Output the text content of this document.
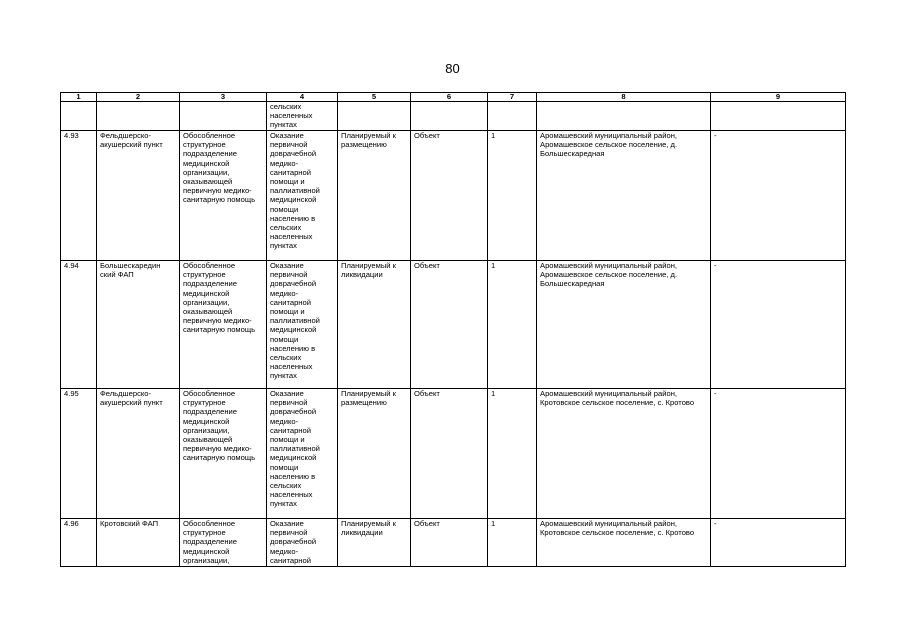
80
1	2	3	4	5	6	7	8	9
			сельских населенных пунктах					
4.93	Фельдшерско-акушерский пункт	Обособленное структурное подразделение медицинской организации, оказывающей первичную медико-санитарную помощь	Оказание первичной доврачебной медико-санитарной помощи и паллиативной медицинской помощи населению в сельских населенных пунктах	Планируемый к размещению	Объект	1	Аромашевский муниципальный район, Аромашевское сельское поселение, д. Большескаредная	-
4.94	Большескаредин ский ФАП	Обособленное структурное подразделение медицинской организации, оказывающей первичную медико-санитарную помощь	Оказание первичной доврачебной медико-санитарной помощи и паллиативной медицинской помощи населению в сельских населенных пунктах	Планируемый к ликвидации	Объект	1	Аромашевский муниципальный район, Аромашевское сельское поселение, д. Большескаредная	-
4.95	Фельдшерско-акушерский пункт	Обособленное структурное подразделение медицинской организации, оказывающей первичную медико-санитарную помощь	Оказание первичной доврачебной медико-санитарной помощи и паллиативной медицинской помощи населению в сельских населенных пунктах	Планируемый к размещению	Объект	1	Аромашевский муниципальный район, Кротовское сельское поселение, с. Кротово	-
4.96	Кротовский ФАП	Обособленное структурное подразделение медицинской организации,	Оказание первичной доврачебной медико-санитарной	Планируемый к ликвидации	Объект	1	Аромашевский муниципальный район, Кротовское сельское поселение, с. Кротово	-
